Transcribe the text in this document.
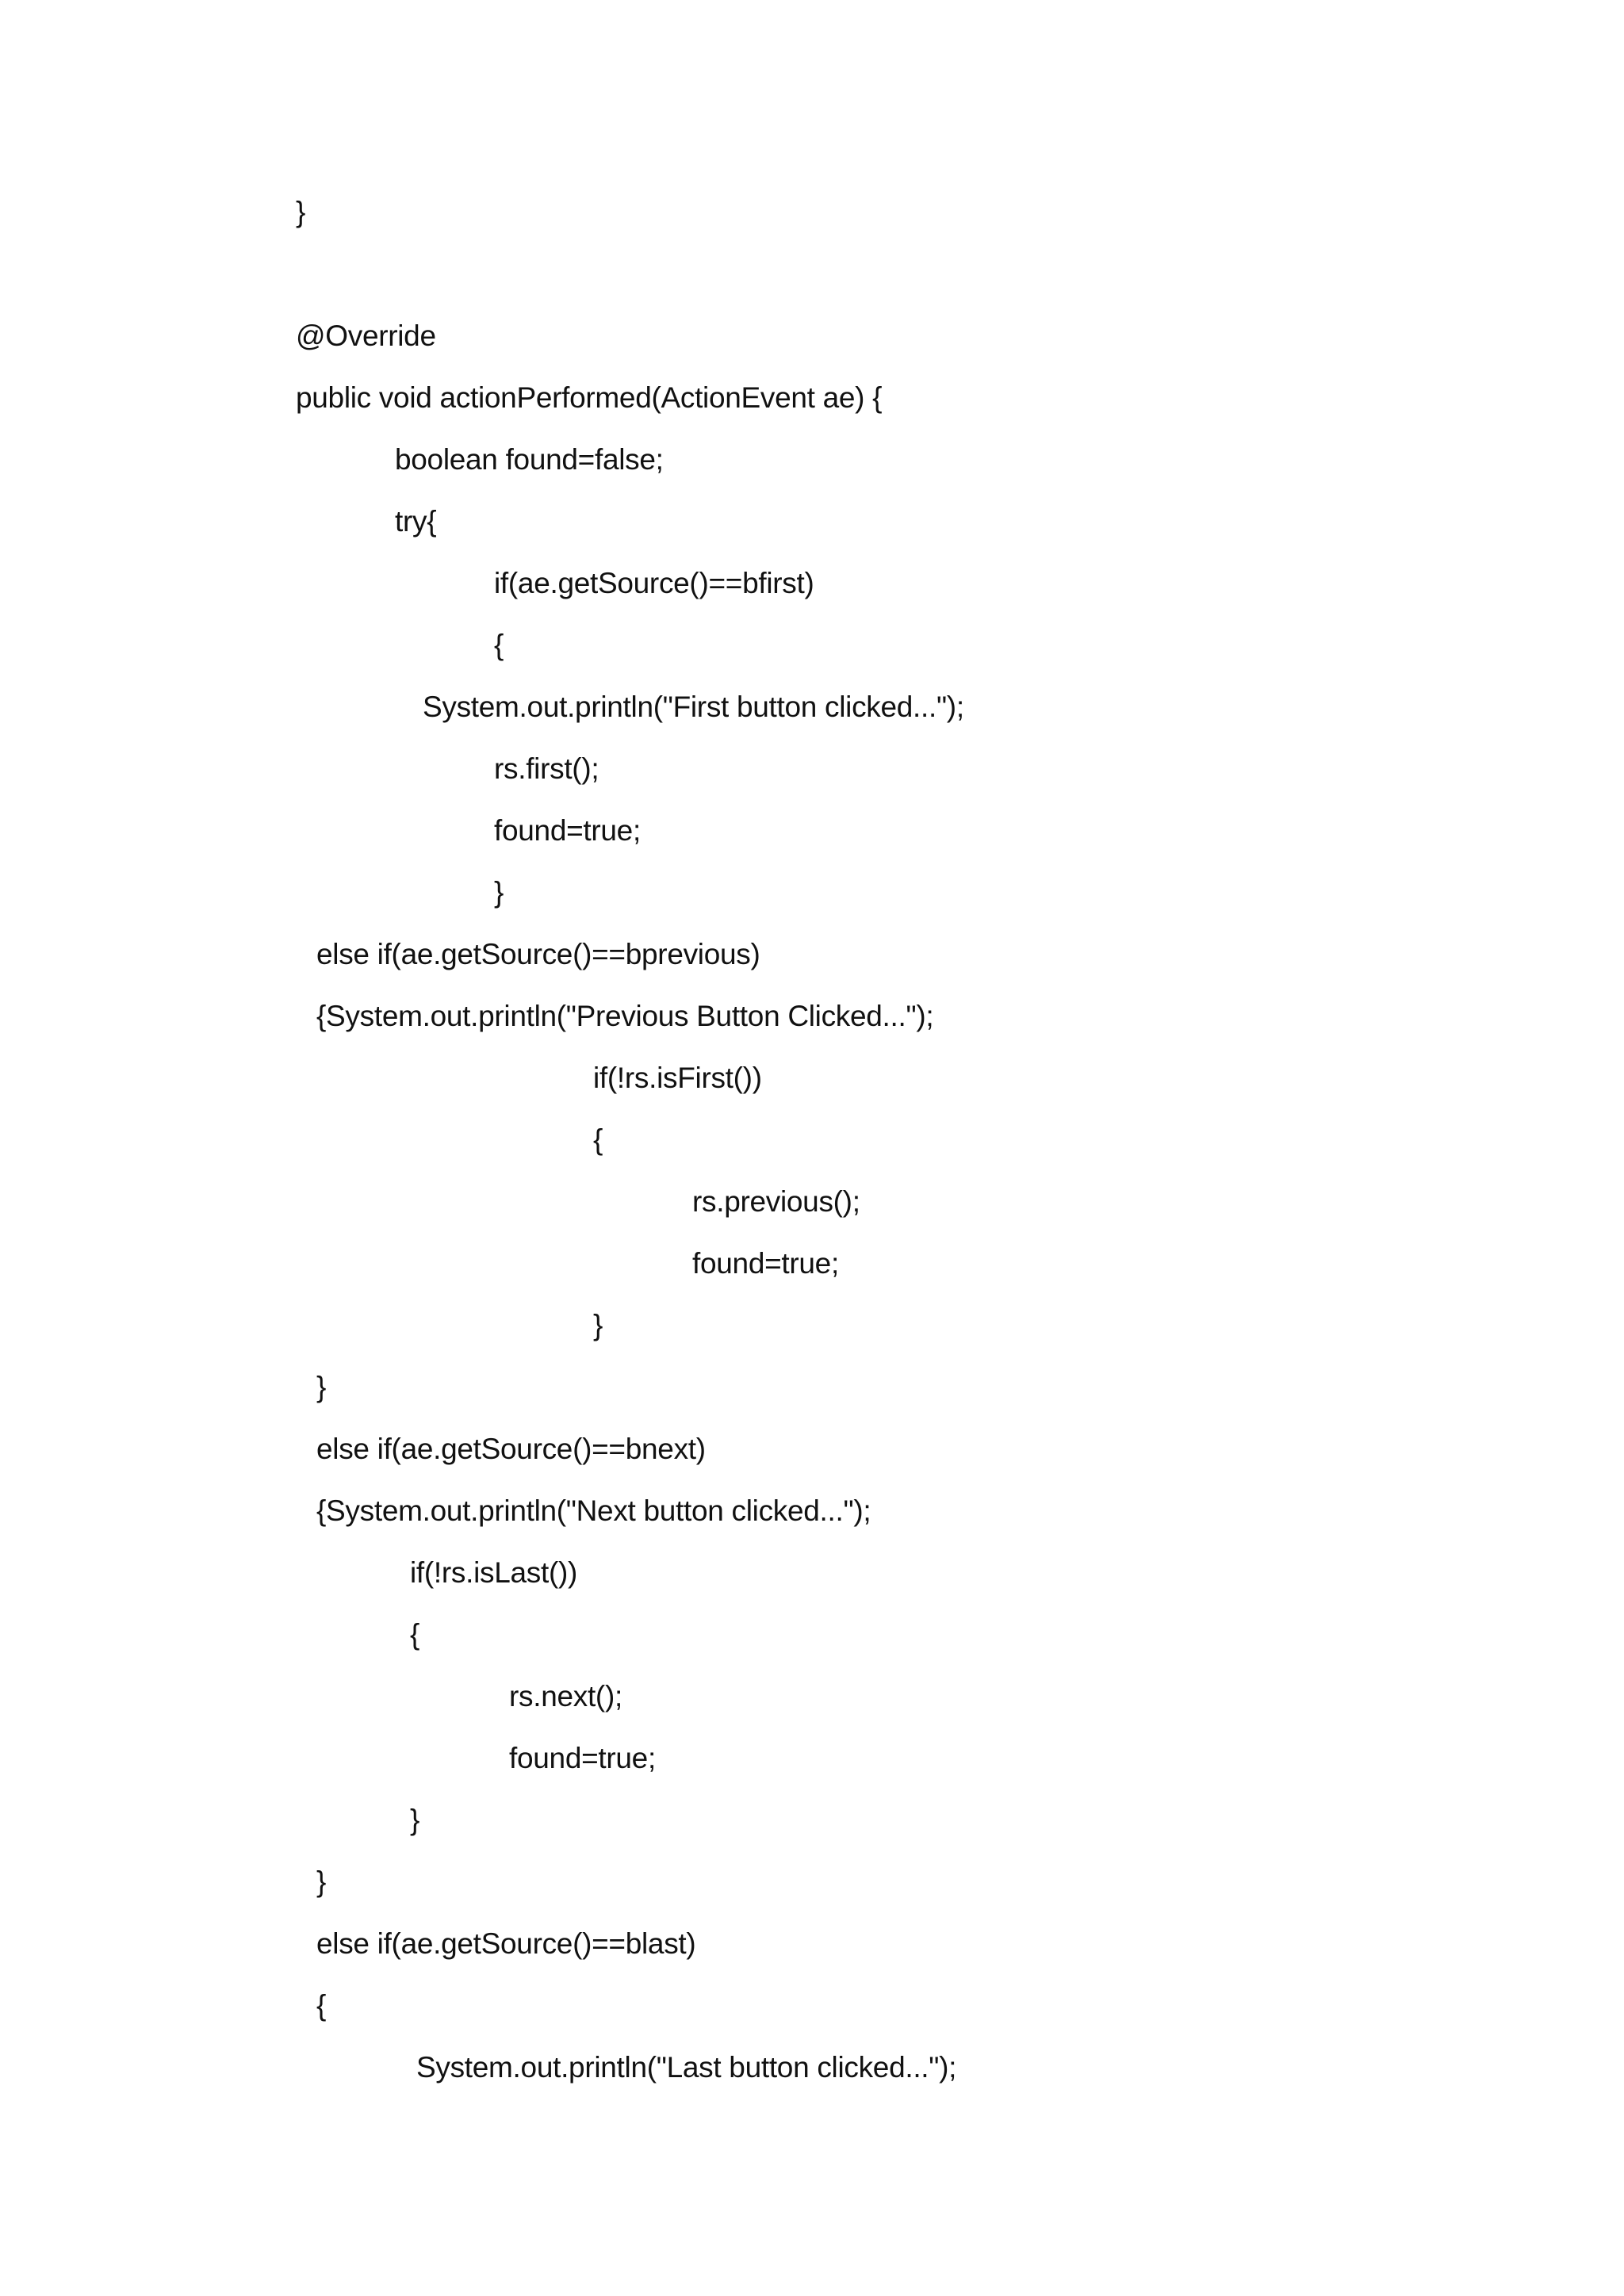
}

@Override

public void actionPerformed(ActionEvent ae) {

boolean found=false;

try{

if(ae.getSource()==bfirst)

{

System.out.println("First button clicked...");

rs.first();

found=true;

}

else if(ae.getSource()==bprevious)

{System.out.println("Previous Button Clicked...");

if(!rs.isFirst())

{

rs.previous();

found=true;

}

}

else if(ae.getSource()==bnext)

{System.out.println("Next button clicked...");

if(!rs.isLast())

{

rs.next();

found=true;

}

}

else if(ae.getSource()==blast)

{

System.out.println("Last button clicked...");
